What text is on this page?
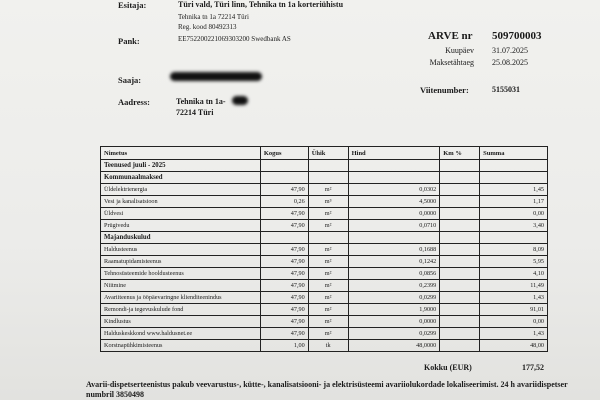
Esitaja:	Türi vald, Türi linn, Tehnika tn 1a korteriühistu
Tehnika tn 1a 72214 Türi
Reg. kood 80492313
Pank:	EE752200221069303200 Swedbank AS	ARVE nr 509700003
Kuupäev 31.07.2025
Maksetähtaeg 25.08.2025
Saaja:
Aadress:	Tehnika tn 1a-
72214 Türi
Viitenumber:	5155031
Nimetus	Kogus	Ühik	Hind	Km %	Summa
Teenused juuli - 2025					
Kommunaalmaksed					
Üldelektrienergia	47,90	m²	0,0302		1,45
Vesi ja kanalisatsioon	0,26	m³	4,5000		1,17
Üldvesi	47,90	m²	0,0000		0,00
Prügivedu	47,90	m²	0,0710		3,40
Majanduskulud					
Haldusteenus	47,90	m²	0,1688		8,09
Raamatupidamisteenus	47,90	m²	0,1242		5,95
Tehnosüsteemide hooldusteenus	47,90	m²	0,0856		4,10
Niitmine	47,90	m²	0,2399		11,49
Avariiteenus ja ööpäevaringne klienditeenindus	47,90	m²	0,0299		1,43
Remondi-ja tegevuskulude fond	47,90	m²	1,9000		91,01
Kindlustus	47,90	m²	0,0000		0,00
Halduskeskkond www.haldusnet.ee	47,90	m²	0,0299		1,43
Korstnapühkimisteenus	1,00	tk	48,0000		48,00
Kokku (EUR)	177,52
Avarii-dispetserteenistus pakub veevarustus-, kütte-, kanalisatsiooni- ja elektrisüsteemi avariiolukordade lokaliseerimist. 24 h avariidispetser numbril 3850498
